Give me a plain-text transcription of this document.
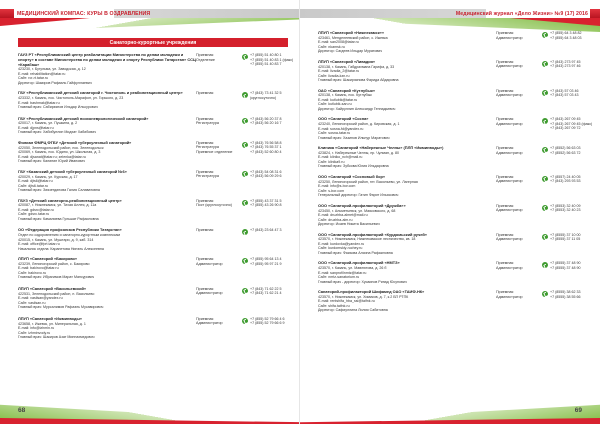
МЕДИЦИНСКИЙ КОМПАС: КУРЫ В ОЗДРАВЛЕНИЯ
Санаторно-курортные учреждения
ГАУЗ РТ «Республиканский центр реабилитации Министерства по делам молодежи и спорту» в составе Министерства по делам молодежи и спорту Республики Татарстан» ССЦ «Карабаш»
423230, г. Бугульма, ул. Заводская, д. 12
E-mail: rehabilitation@tatar.ru
Сайт: rcr-rt.tatar.ru
Директор: Шакиров Рафаэль Гайфуллаевич
Приемная
Отделение
+7 (855) 51 40 80 1
+7 (855) 51 40 83 1 (факс)
+7 (855) 51 40 83 7
ГБУ «Республиканский детский санаторий г. Чистополь и реабилитационный центр»
423332, г. Казань, пос. Чистополь-Марафон, ул. Горького, д. 23
E-mail: bashmak@tatar.ru
Главный врач: Сабирзянов Ильдар Ильсурович
Приемная	+7 (843) 73 41 32 5
(круглосуточно)
ГБУ «Республиканский детский психоневрологический санаторий»
420017, г. Казань, ул. Пушкина, д. 2
E-mail: djpns@tatar.ru
Главный врач: Хабибуллин Мидхат Хабибович
Приемная
Регистратура
+7 (843) 56 20 37 8
+7 (843) 56 20 16 7
Филиал ФМРЦ ФГБУ «Детский туберкулезный санаторий»
422050, Зеленодольский район, пос. Зеленодольск
420069, г. Казань, пос. Юдино, ул. Школьная, д. 3
E-mail: djsanat@tatar.ru; zelenka@tatar.ru
Главный врач: Калинин Юрий Иванович
Приемная
Регистратура
Приемное отделение
+7 (843) 76 56 58 8
+7 (843) 76 55 37 1
+7 (843) 52 60 80 4
ГБУ «Казанский детский туберкулезный санаторий №6»
420029, г. Казань, ул. Курская, д. 17
E-mail: djts6@tatar.ru
Сайт: djts6.tatar.ru
Главный врач: Зиязетдинова Галия Салаватовна
Приемная
Регистратура
+7 (843) 54 08 31 6
+7 (843) 56 09 29 6
ГБУЗ «Детский санаторно-реабилитационный центр»
420087, г. Нижнекамск, ул. Тихая Аллея, д. 11а
E-mail: gdsrc@tatar.ru
Сайт: gdsrc.tatar.ru
Главный врач: Камалиева Гульшат Рафаиловна
Приемная
Пост (круглосуточно)
+7 (855) 43 37 31 5
+7 (855) 43 26 90 8
ОО «Федерация профсоюзов Республики Татарстан»
Отдел по оздоровлению и санаторно-курортным комплексам
420015, г. Казань, ул. Муштари, д. 9, каб. 314
E-mail: office@fprt.tatar.ru
Начальник отдела: Карапетова Нинэль Алексеевна
Приемная	+7 (843) 23 64 47 3
ЛПУП «Санаторий «Бакирово»
423239, Лениногорский район, с. Бакирово
E-mail: bakirovo@tatar.ru
Сайт: bakirovo.ru
Главный врач: Ибрагимов Марат Мансурович
Приемная
Администратор
+7 (855) 95 64 13 4
+7 (855) 95 97 21 9
ЛПУП «Санаторий «Васильевский»
422531, Зеленодольский район, п. Васильево
E-mail: vasilsan@yandex.ru
Сайт: vasilsan.ru
Главный врач: Мурсалимов Рафаэль Мусавирович
Приемная
Администратор
+7 (843) 71 62 22 5
+7 (843) 71 62 21 4
ЛПУП «Санаторий «Ижминводы»
423658, г. Ижевск, ул. Минеральная, д. 1
E-mail: info@izhmin.ru
Сайт: izhminvody.ru
Главный врач: Шакиров Азат Миннахмедович
Приемная
Администратор
+7 (855) 52 79 66 4 6
+7 (855) 52 79 66 6 9
68
Медицинский журнал «Дело Жизни» №9 (17) 2016
ЛПУП «Санаторий «Нижнекамск»»
423461, Менделеевский район, с. Ижевка
E-mail: san2008@tatar.ru
Сайт: nkamsk.ru
Директор: Сагдеев Ильдар Муратович
Приемная
Администратор
+7 (855) 64 3 48 82
+7 (855) 64 3 48 03
ЛПУП «Санаторий «Ливадия»
420138, г. Казань, Габдрахмана Гарифа, д. 33
E-mail: livadia_2@tatar.ru
Сайт: livadia-kzn.ru
Главный врач: Шакирзянова Фарида Айдаровна
Приемная
Администратор
+7 (843) 273 97 45
+7 (843) 273 97 46
ОАО «Санаторий «Кутлубык»
420138, г. Казань, пос. Кутлубык
E-mail: kutlubik@tatar.ru
Сайт: kutlubik-san.ru
Директор: Хайруллин Александр Геннадьевич
Приемная
Администратор
+7 (843) 57 03 46
+7 (843) 57 03 43
ООО «Санаторий «Сосна»
423240, Лениногорский район, д. Кировская, д. 1
E-mail: sosna-fd@yandex.ru
Сайт: sosna-tatar.ru
Главный врач: Хазипов Ильнур Маратович
Приемная
Администратор
+7 (843) 267 09 45
+7 (843) 267 09 45 (факс)
+7 (843) 267 09 72
Клиника «Санаторий «Набережные Челны» (ПЛП «Ижминводы»)
423824, г. Набережные Челны, пр. Чулман, д. 80
E-mail: kliniko_nch@mail.ru
Сайт: klinika9.ru
Главный врач: Зубкова Юлия Ильдаровна
Приемная
Администратор
+7 (8552) 56 63 03
+7 (8552) 56 63 72
ООО «Санаторий «Сосновый бор»
423250, Лениногорский район, пгт. Васильево, ул. Лагерная
E-mail: info@s-bor.com
Сайт: s-bor.com
Генеральный директор: Гатин Фарит Ильясович
Приемная
Администратор
+7 (8557) 24 40 05
+7 (843) 293 93 53
ООО «Санаторий-профилакторий «Дружба»»
423450, г. Альметьевск, ул. Маяковского, д. 68
E-mail: druzhba-almet@mail.ru
Сайт: druzhba-alm.ru
Директор: Исаев Никита Васильевич
Приемная
Администратор
+7 (8553) 32 40 09
+7 (8553) 32 40 23
ООО «Санаторий-профилакторий «Курдомьский ручей»
423570, г. Нижнекамск, Нижнекамское лесничество, кв. 18
E-mail: kurdovka@yandex.ru
Сайт: kurdomskiy-ruchey.ru
Главный врач: Фаизова Алсина Рафаиловна
Приемная
Администратор
+7 (8555) 37 10 00
+7 (8555) 37 11 05
ООО «Санаторий-профилакторий «НМТЗ»
423570, г. Казань, ул. Мавлютова, д. 26 б
E-mail: sanprofilnmtz@tatar.ru
Сайт: nmtz-sanatorium.ru
Главный врач - директор: Хусаинов Ринад Юсупович
Приемная
Администратор
+7 (8555) 37 48 90
+7 (8555) 37 48 90
Санаторий-профилакторий Шифамед ОАО «ТАИФ-НК»
423570, г. Нижнекамск, ул. Химиков, д. 7, к.2 БП РТПК
E-mail: rentshifa_hba_ssi@taifnk.ru
Сайт: shifa.taifnk.ru
Директор: Сафиуллина Лилия Сабитовна
Приемная
Администратор
+7 (8555) 38 62 33
+7 (8555) 38 55 66
69
